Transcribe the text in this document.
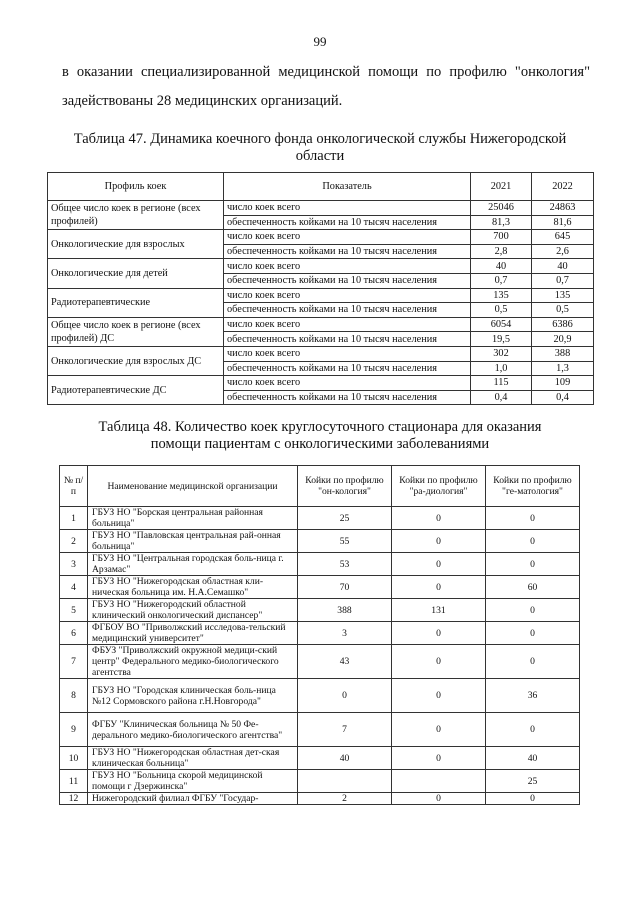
99
в оказании специализированной медицинской помощи по профилю "онкология"
задействованы 28 медицинских организаций.
Таблица 47. Динамика коечного фонда онкологической службы Нижегородской
области
Профиль коек	Показатель	2021	2022
Общее число коек в регионе (всех профилей)	число коек всего	25046	24863
	обеспеченность койками на 10 тысяч населения	81,3	81,6
Онкологические для взрослых	число коек всего	700	645
	обеспеченность койками на 10 тысяч населения	2,8	2,6
Онкологические для детей	число коек всего	40	40
	обеспеченность койками на 10 тысяч населения	0,7	0,7
Радиотерапевтические	число коек всего	135	135
	обеспеченность койками на 10 тысяч населения	0,5	0,5
Общее число коек в регионе (всех профилей) ДС	число коек всего	6054	6386
	обеспеченность койками на 10 тысяч населения	19,5	20,9
Онкологические для взрослых ДС	число коек всего	302	388
	обеспеченность койками на 10 тысяч населения	1,0	1,3
Радиотерапевтические ДС	число коек всего	115	109
	обеспеченность койками на 10 тысяч населения	0,4	0,4
Таблица 48. Количество коек круглосуточного стационара для оказания
помощи пациентам с онкологическими заболеваниями
№ п/п	Наименование медицинской организации	Койки по профилю "он-кология"	Койки по профилю "ра-диология"	Койки по профилю "ге-матология"
1	ГБУЗ НО "Борская центральная районная больница"	25	0	0
2	ГБУЗ НО "Павловская центральная рай-онная больница"	55	0	0
3	ГБУЗ НО "Центральная городская боль-ница г. Арзамас"	53	0	0
4	ГБУЗ НО "Нижегородская областная кли-ническая больница им. Н.А.Семашко"	70	0	60
5	ГБУЗ НО "Нижегородский областной клинический онкологический диспансер"	388	131	0
6	ФГБОУ ВО "Приволжский исследова-тельский медицинский университет"	3	0	0
7	ФБУЗ "Приволжский окружной медици-ский центр" Федерального медико-биологического агентства	43	0	0
8	ГБУЗ НО "Городская клиническая боль-ница №12 Сормовского района г.Н.Новгорода"	0	0	36
9	ФГБУ "Клиническая больница № 50 Фе-дерального медико-биологического агентства"	7	0	0
10	ГБУЗ НО "Нижегородская областная дет-ская клиническая больница"	40	0	40
11	ГБУЗ НО "Больница скорой медицинской помощи г Дзержинска"			25
12	Нижегородский филиал ФГБУ "Государ-	2	0	0
